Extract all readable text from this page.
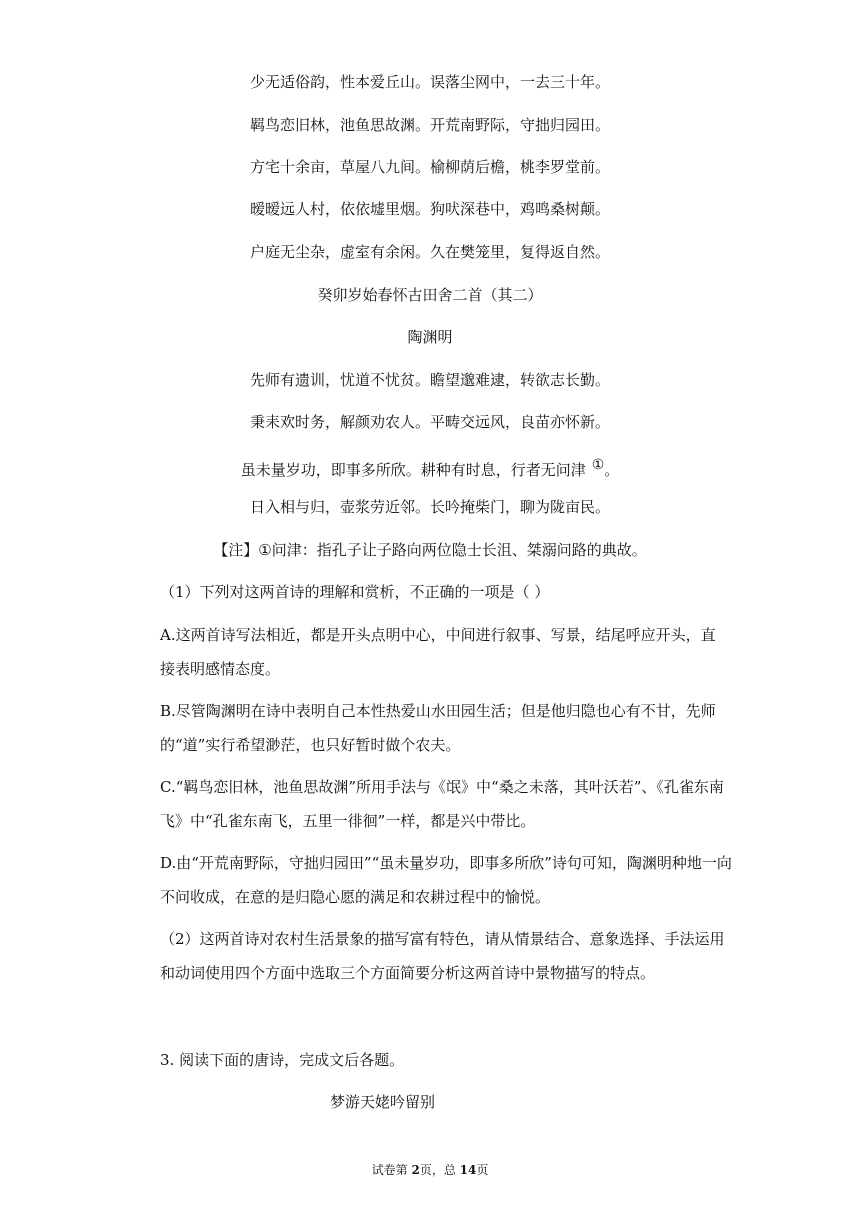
少无适俗韵，性本爱丘山。误落尘网中，一去三十年。
羁鸟恋旧林，池鱼思故渊。开荒南野际，守拙归园田。
方宅十余亩，草屋八九间。榆柳荫后檐，桃李罗堂前。
暧暧远人村，依依墟里烟。狗吠深巷中，鸡鸣桑树颠。
户庭无尘杂，虚室有余闲。久在樊笼里，复得返自然。
癸卯岁始春怀古田舍二首（其二）
陶渊明
先师有遗训，忧道不忧贫。瞻望邈难逮，转欲志长勤。
秉耒欢时务，解颜劝农人。平畴交远风，良苗亦怀新。
虽未量岁功，即事多所欣。耕种有时息，行者无问津 ①。
日入相与归，壶浆劳近邻。长吟掩柴门，聊为陇亩民。
【注】①问津：指孔子让子路向两位隐士长沮、桀溺问路的典故。
（1）下列对这两首诗的理解和赏析，不正确的一项是（ ）
A.这两首诗写法相近，都是开头点明中心，中间进行叙事、写景，结尾呼应开头，直
接表明感情态度。
B.尽管陶渊明在诗中表明自己本性热爱山水田园生活；但是他归隐也心有不甘，先师
的“道”实行希望渺茫，也只好暂时做个农夫。
C.“羁鸟恋旧林，池鱼思故渊”所用手法与《氓》中“桑之未落，其叶沃若”、《孔雀东南
飞》中“孔雀东南飞，五里一徘徊”一样，都是兴中带比。
D.由“开荒南野际，守拙归园田”“虽未量岁功，即事多所欣”诗句可知，陶渊明种地一向
不问收成，在意的是归隐心愿的满足和农耕过程中的愉悦。
（2）这两首诗对农村生活景象的描写富有特色，请从情景结合、意象选择、手法运用
和动词使用四个方面中选取三个方面简要分析这两首诗中景物描写的特点。
3. 阅读下面的唐诗，完成文后各题。
梦游天姥吟留别
试卷第 2页，总 14页
